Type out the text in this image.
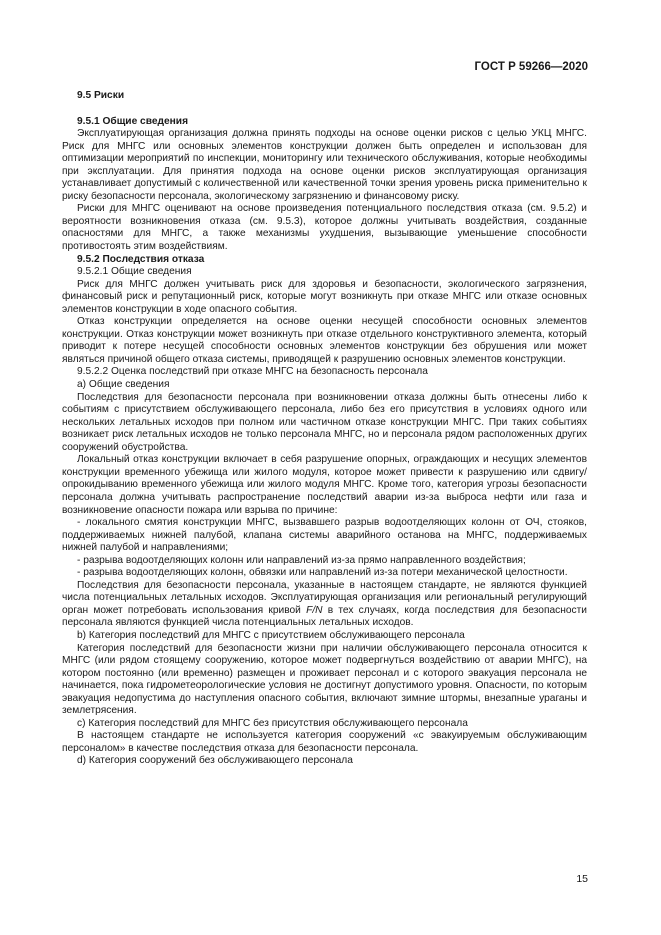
ГОСТ Р 59266—2020

9.5 Риски

9.5.1 Общие сведения

Эксплуатирующая организация должна принять подходы на основе оценки рисков с целью УКЦ МНГС. Риск для МНГС или основных элементов конструкции должен быть определен и использован для оптимизации мероприятий по инспекции, мониторингу или технического обслуживания, которые необходимы при эксплуатации. Для принятия подхода на основе оценки рисков эксплуатирующая организация устанавливает допустимый с количественной или качественной точки зрения уровень риска применительно к риску безопасности персонала, экологическому загрязнению и финансовому риску.

Риски для МНГС оценивают на основе произведения потенциального последствия отказа (см. 9.5.2) и вероятности возникновения отказа (см. 9.5.3), которое должны учитывать воздействия, созданные опасностями для МНГС, а также механизмы ухудшения, вызывающие уменьшение способности противостоять этим воздействиям.

9.5.2 Последствия отказа

9.5.2.1 Общие сведения

Риск для МНГС должен учитывать риск для здоровья и безопасности, экологического загрязнения, финансовый риск и репутационный риск, которые могут возникнуть при отказе МНГС или отказе основных элементов конструкции в ходе опасного события.

Отказ конструкции определяется на основе оценки несущей способности основных элементов конструкции. Отказ конструкции может возникнуть при отказе отдельного конструктивного элемента, который приводит к потере несущей способности основных элементов конструкции без обрушения или может являться причиной общего отказа системы, приводящей к разрушению основных элементов конструкции.

9.5.2.2 Оценка последствий при отказе МНГС на безопасность персонала

а) Общие сведения

Последствия для безопасности персонала при возникновении отказа должны быть отнесены либо к событиям с присутствием обслуживающего персонала, либо без его присутствия в условиях одного или нескольких летальных исходов при полном или частичном отказе конструкции МНГС. При таких событиях возникает риск летальных исходов не только персонала МНГС, но и персонала рядом расположенных других сооружений обустройства.

Локальный отказ конструкции включает в себя разрушение опорных, ограждающих и несущих элементов конструкции временного убежища или жилого модуля, которое может привести к разрушению или сдвигу/опрокидыванию временного убежища или жилого модуля МНГС. Кроме того, категория угрозы безопасности персонала должна учитывать распространение последствий аварии из-за выброса нефти или газа и возникновение опасности пожара или взрыва по причине:

- локального смятия конструкции МНГС, вызвавшего разрыв водоотделяющих колонн от ОЧ, стояков, поддерживаемых нижней палубой, клапана системы аварийного останова на МНГС, поддерживаемых нижней палубой и направлениями;

- разрыва водоотделяющих колонн или направлений из-за прямо направленного воздействия;

- разрыва водоотделяющих колонн, обвязки или направлений из-за потери механической целостности.

Последствия для безопасности персонала, указанные в настоящем стандарте, не являются функцией числа потенциальных летальных исходов. Эксплуатирующая организация или региональный регулирующий орган может потребовать использования кривой F/N в тех случаях, когда последствия для безопасности персонала являются функцией числа потенциальных летальных исходов.

b) Категория последствий для МНГС с присутствием обслуживающего персонала

Категория последствий для безопасности жизни при наличии обслуживающего персонала относится к МНГС (или рядом стоящему сооружению, которое может подвергнуться воздействию от аварии МНГС), на котором постоянно (или временно) размещен и проживает персонал и с которого эвакуация персонала не начинается, пока гидрометеорологические условия не достигнут допустимого уровня. Опасности, по которым эвакуация недопустима до наступления опасного события, включают зимние штормы, внезапные ураганы и землетрясения.

c) Категория последствий для МНГС без присутствия обслуживающего персонала

В настоящем стандарте не используется категория сооружений «с эвакуируемым обслуживающим персоналом» в качестве последствия отказа для безопасности персонала.

d) Категория сооружений без обслуживающего персонала

15
